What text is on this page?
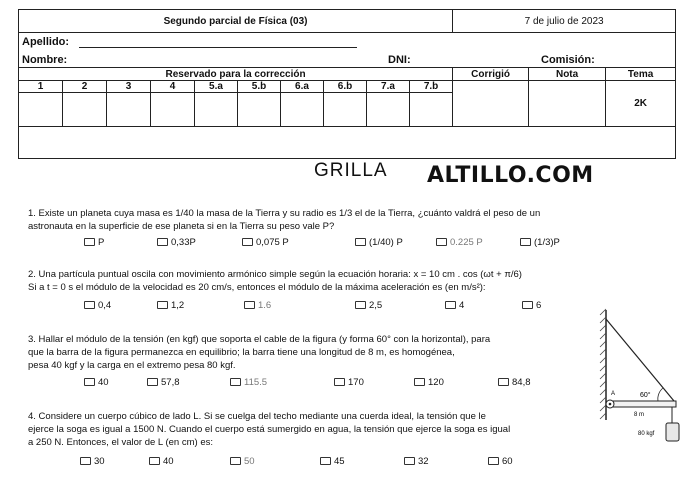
Segundo parcial de Física (03)										7 de julio de 2023		

Apellido:
Nombre: DNI: Comisión:												

Reservado para la corrección										Corrigió	Nota	Tema
1	2	3	4	5.a	5.b	6.a	6.b	7.a	7.b			2K

GRILLA ALTILLO.COM
1. Existe un planeta cuya masa es 1/40 la masa de la Tierra y su radio es 1/3 el de la Tierra, ¿cuánto valdrá el peso de un
astronauta en la superficie de ese planeta si en la Tierra su peso vale P?
P	0,33P	0,075 P	(1/40) P	0.225 P	(1/3)P
2. Una partícula puntual oscila con movimiento armónico simple según la ecuación horaria: x = 10 cm . cos (ωt + π/6)
Si a t = 0 s el módulo de la velocidad es 20 cm/s, entonces el módulo de la máxima aceleración es (en m/s²):
0,4	1,2	1.6	2,5	4	6
3. Hallar el módulo de la tensión (en kgf) que soporta el cable de la figura (y forma 60° con la horizontal), para
que la barra de la figura permanezca en equilibrio; la barra tiene una longitud de 8 m, es homogénea,
pesa 40 kgf y la carga en el extremo pesa 80 kgf.
40	57,8	115.5	170	120	84,8
4. Considere un cuerpo cúbico de lado L. Si se cuelga del techo mediante una cuerda ideal, la tensión que le
ejerce la soga es igual a 1500 N. Cuando el cuerpo está sumergido en agua, la tensión que ejerce la soga es igual
a 250 N. Entonces, el valor de L (en cm) es:
30	40	50	45	32	60
A	60°
8 m
80 kgf
